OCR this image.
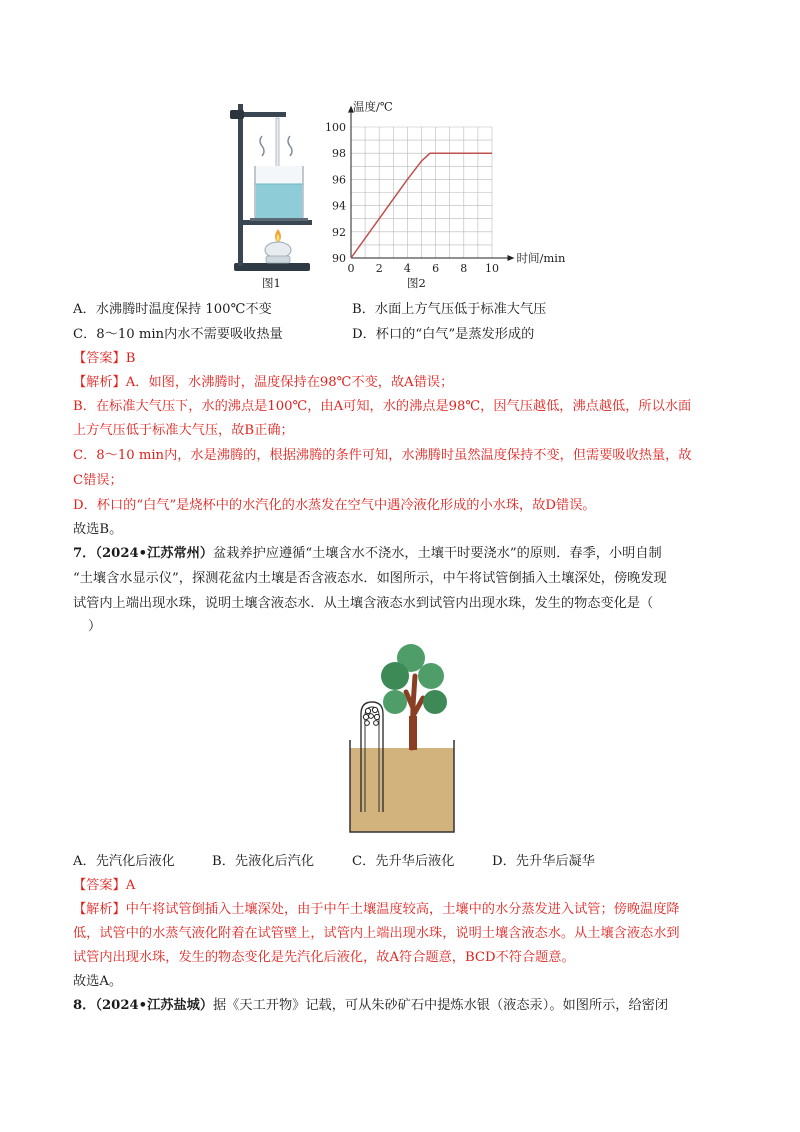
图1
0 2 4 6 8 10
90
92
94
96
98
100
温度/℃
时间/min
图2
A．水沸腾时温度保持 100℃不变	B．水面上方气压低于标准大气压
C．8～10 min内水不需要吸收热量	D．杯口的“白气”是蒸发形成的
【答案】B
【解析】A．如图，水沸腾时，温度保持在98℃不变，故A错误；
B．在标准大气压下，水的沸点是100℃，由A可知，水的沸点是98℃，因气压越低，沸点越低，所以水面
上方气压低于标准大气压，故B正确；
C．8～10 min内，水是沸腾的，根据沸腾的条件可知，水沸腾时虽然温度保持不变，但需要吸收热量，故
C错误；
D．杯口的“白气”是烧杯中的水汽化的水蒸发在空气中遇冷液化形成的小水珠，故D错误。
故选B。
7．（2024•江苏常州）盆栽养护应遵循“土壤含水不浇水，土壤干时要浇水”的原则．春季，小明自制
“土壤含水显示仪”，探测花盆内土壤是否含液态水．如图所示，中午将试管倒插入土壤深处，傍晚发现
试管内上端出现水珠，说明土壤含液态水．从土壤含液态水到试管内出现水珠，发生的物态变化是（
）
A．先汽化后液化	B．先液化后汽化	C．先升华后液化	D．先升华后凝华
【答案】A
【解析】中午将试管倒插入土壤深处，由于中午土壤温度较高，土壤中的水分蒸发进入试管；傍晚温度降
低，试管中的水蒸气液化附着在试管壁上，试管内上端出现水珠，说明土壤含液态水。从土壤含液态水到
试管内出现水珠，发生的物态变化是先汽化后液化，故A符合题意，BCD不符合题意。
故选A。
8．（2024•江苏盐城）据《天工开物》记载，可从朱砂矿石中提炼水银（液态汞）。如图所示，给密闭
